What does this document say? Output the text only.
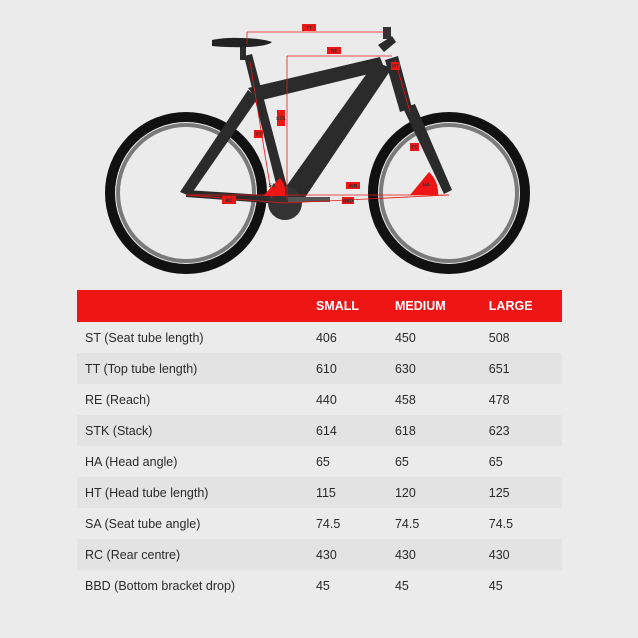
TT
RE
ST
STK
HT
FC
HA
SA
RC
WB
BBD
	SMALL	MEDIUM	LARGE
ST (Seat tube length)	406	450	508
TT (Top tube length)	610	630	651
RE (Reach)	440	458	478
STK (Stack)	614	618	623
HA (Head angle)	65	65	65
HT (Head tube length)	115	120	125
SA (Seat tube angle)	74.5	74.5	74.5
RC (Rear centre)	430	430	430
BBD (Bottom bracket drop)	45	45	45
